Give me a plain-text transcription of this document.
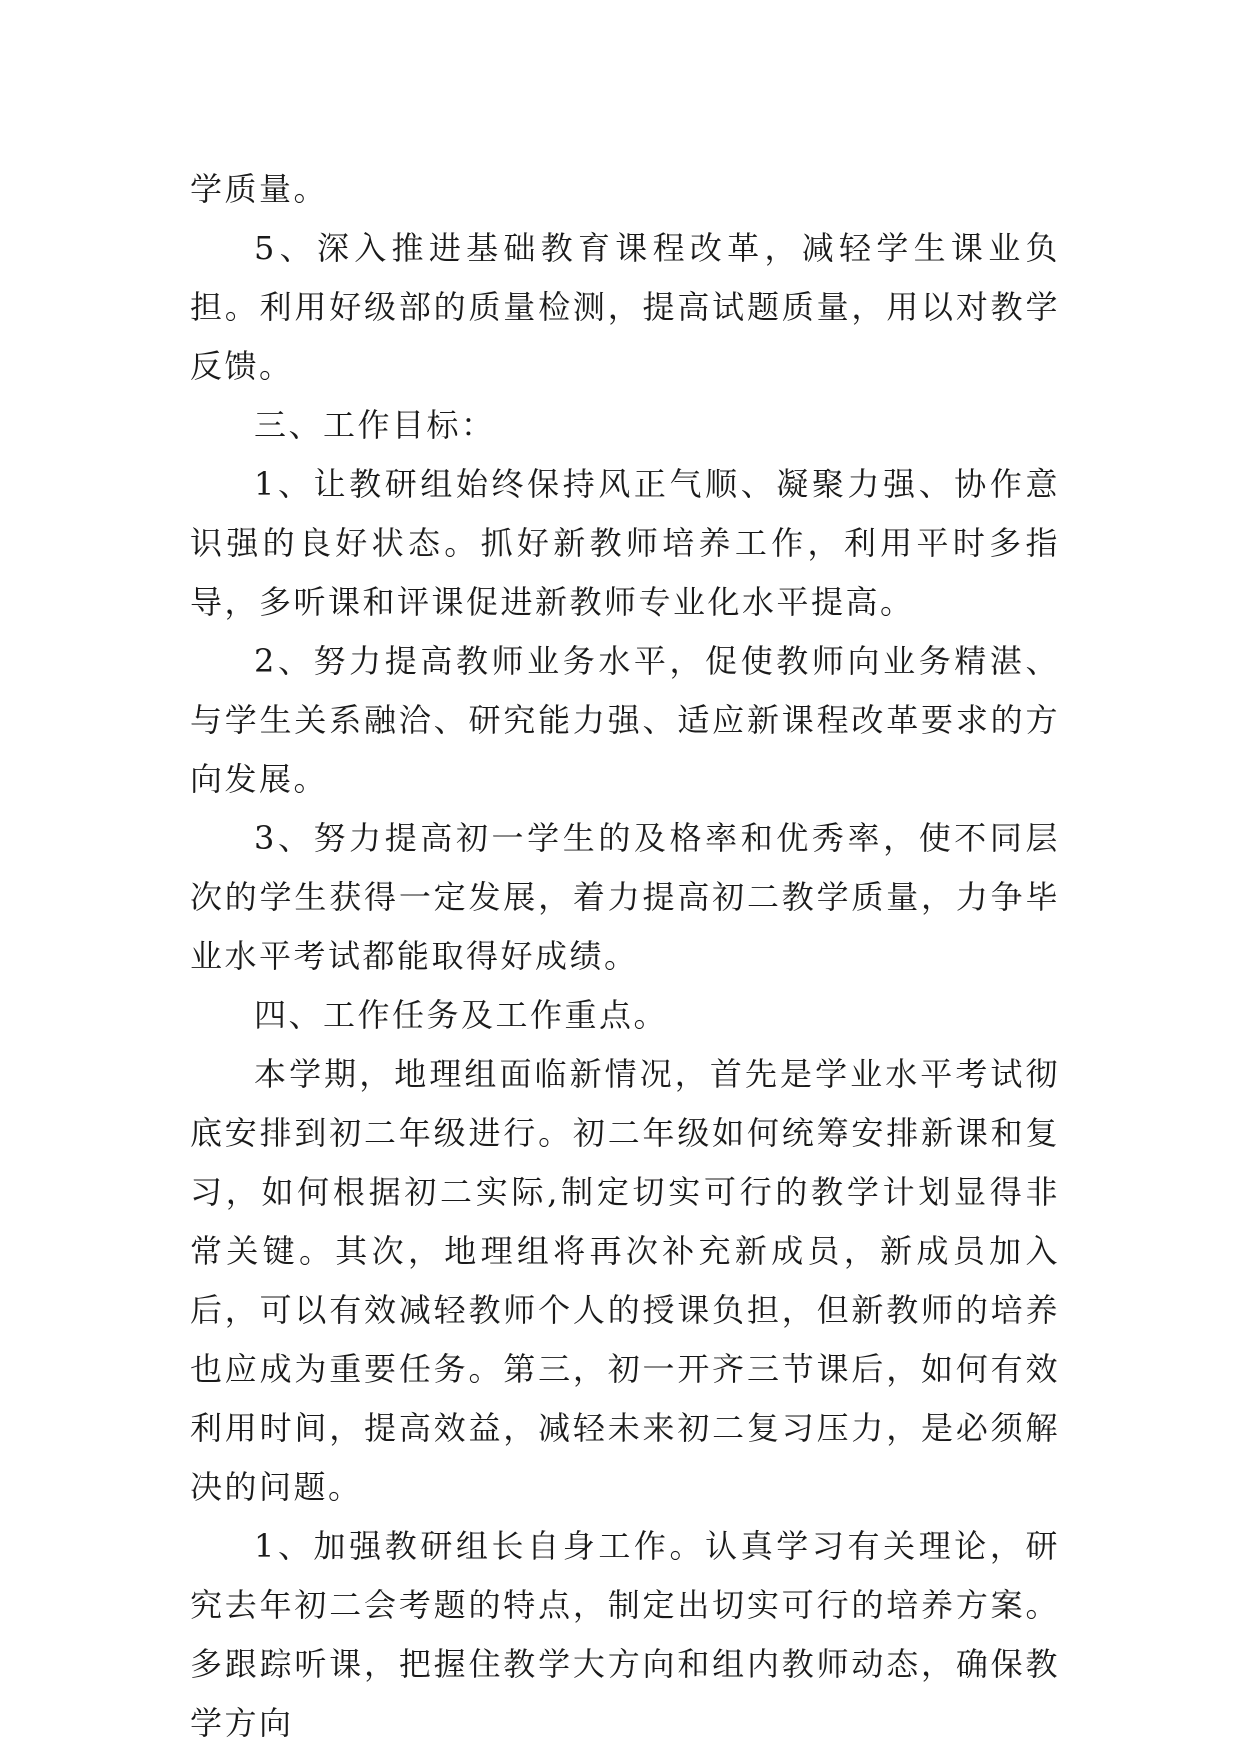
学质量。

5、深入推进基础教育课程改革，减轻学生课业负担。利用好级部的质量检测，提高试题质量，用以对教学反馈。

三、工作目标：

1、让教研组始终保持风正气顺、凝聚力强、协作意识强的良好状态。抓好新教师培养工作，利用平时多指导，多听课和评课促进新教师专业化水平提高。

2、努力提高教师业务水平，促使教师向业务精湛、与学生关系融洽、研究能力强、适应新课程改革要求的方向发展。

3、努力提高初一学生的及格率和优秀率，使不同层次的学生获得一定发展，着力提高初二教学质量，力争毕业水平考试都能取得好成绩。

四、工作任务及工作重点。

本学期，地理组面临新情况，首先是学业水平考试彻底安排到初二年级进行。初二年级如何统筹安排新课和复习，如何根据初二实际,制定切实可行的教学计划显得非常关键。其次，地理组将再次补充新成员，新成员加入后，可以有效减轻教师个人的授课负担，但新教师的培养也应成为重要任务。第三，初一开齐三节课后，如何有效利用时间，提高效益，减轻未来初二复习压力，是必须解决的问题。

1、加强教研组长自身工作。认真学习有关理论，研究去年初二会考题的特点，制定出切实可行的培养方案。多跟踪听课，把握住教学大方向和组内教师动态，确保教学方向
